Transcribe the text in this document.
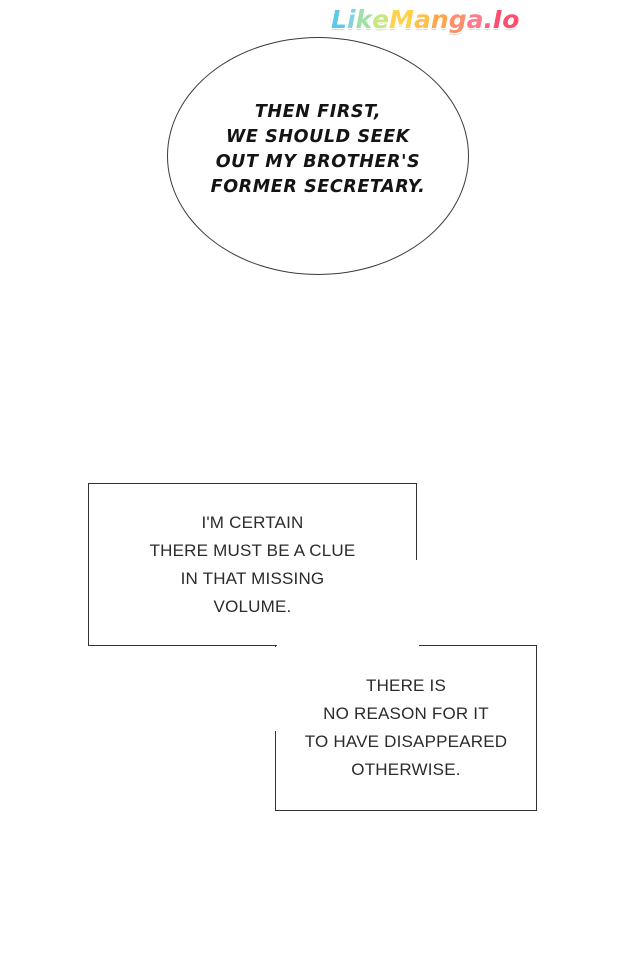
L i k e M a n g a . I o
THEN FIRST,
WE SHOULD SEEK
OUT MY BROTHER'S
FORMER SECRETARY.
I'M CERTAIN
THERE MUST BE A CLUE
IN THAT MISSING
VOLUME.
THERE IS
NO REASON FOR IT
TO HAVE DISAPPEARED
OTHERWISE.
